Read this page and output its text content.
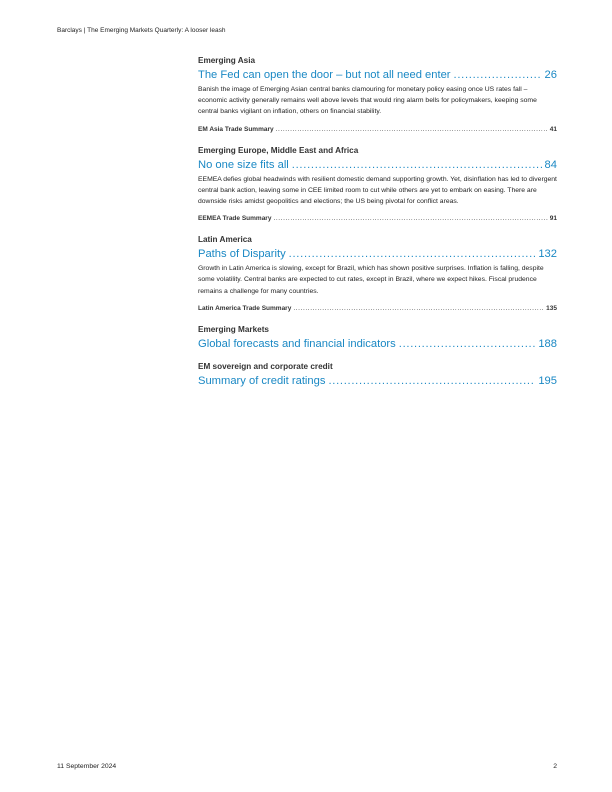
Barclays | The Emerging Markets Quarterly: A looser leash
Emerging Asia
The Fed can open the door – but not all need enter . . .	26
Banish the image of Emerging Asian central banks clamouring for monetary policy easing once US rates fall – economic activity generally remains well above levels that would ring alarm bells for policymakers, keeping some central banks vigilant on inflation, others on financial stability.
EM Asia Trade Summary . . .	41
Emerging Europe, Middle East and Africa
No one size fits all . . .	84
EEMEA defies global headwinds with resilient domestic demand supporting growth. Yet, disinflation has led to divergent central bank action, leaving some in CEE limited room to cut while others are yet to embark on easing. There are downside risks amidst geopolitics and elections; the US being pivotal for conflict areas.
EEMEA Trade Summary . . .	91
Latin America
Paths of Disparity . . .	132
Growth in Latin America is slowing, except for Brazil, which has shown positive surprises. Inflation is falling, despite some volatility. Central banks are expected to cut rates, except in Brazil, where we expect hikes. Fiscal prudence remains a challenge for many countries.
Latin America Trade Summary . . .	135
Emerging Markets
Global forecasts and financial indicators . . .	188
EM sovereign and corporate credit
Summary of credit ratings . . .	195
11 September 2024	2
